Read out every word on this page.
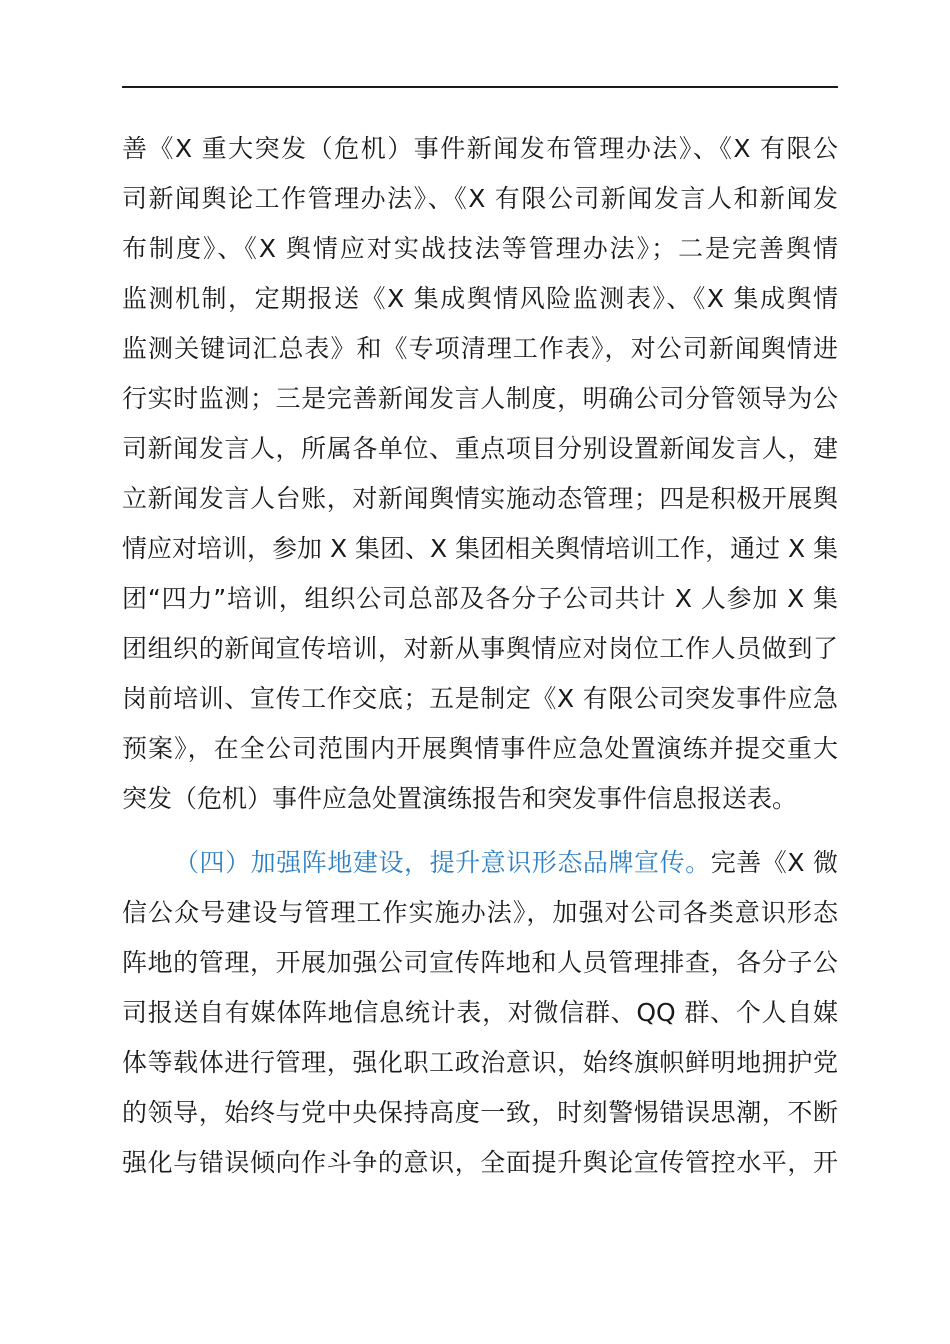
善《X 重大突发（危机）事件新闻发布管理办法》、《X 有限公
司新闻舆论工作管理办法》、《X 有限公司新闻发言人和新闻发
布制度》、《X 舆情应对实战技法等管理办法》；二是完善舆情
监测机制，定期报送《X 集成舆情风险监测表》、《X 集成舆情
监测关键词汇总表》和《专项清理工作表》，对公司新闻舆情进
行实时监测；三是完善新闻发言人制度，明确公司分管领导为公
司新闻发言人，所属各单位、重点项目分别设置新闻发言人，建
立新闻发言人台账，对新闻舆情实施动态管理；四是积极开展舆
情应对培训，参加 X 集团、X 集团相关舆情培训工作，通过 X 集
团“四力”培训，组织公司总部及各分子公司共计 X 人参加 X 集
团组织的新闻宣传培训，对新从事舆情应对岗位工作人员做到了
岗前培训、宣传工作交底；五是制定《X 有限公司突发事件应急
预案》，在全公司范围内开展舆情事件应急处置演练并提交重大
突发（危机）事件应急处置演练报告和突发事件信息报送表。
（四）加强阵地建设，提升意识形态品牌宣传。完善《X 微
信公众号建设与管理工作实施办法》，加强对公司各类意识形态
阵地的管理，开展加强公司宣传阵地和人员管理排查，各分子公
司报送自有媒体阵地信息统计表，对微信群、QQ 群、个人自媒
体等载体进行管理，强化职工政治意识，始终旗帜鲜明地拥护党
的领导，始终与党中央保持高度一致，时刻警惕错误思潮，不断
强化与错误倾向作斗争的意识，全面提升舆论宣传管控水平，开
